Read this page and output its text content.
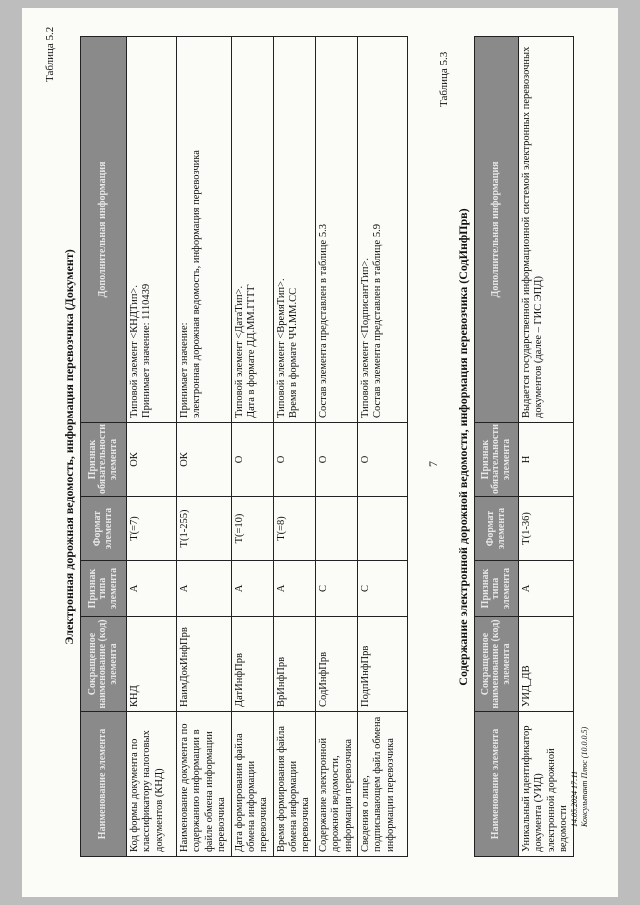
7
Таблица 5.2
Электронная дорожная ведомость, информация перевозчика (Документ)
Наименование элемента	Сокращенное наименование (код) элемента	Признак типа элемента	Формат элемента	Признак обязательности элемента	Дополнительная информация
Код формы документа по классификатору налоговых документов (КНД)	КНД	А	Т(=7)	ОК	Типовой элемент <КНДТип>. Принимает значение: 1110439

Наименование документа по содержанию информации в файле обмена информации перевозчика	НаимДокИнфПрв	А	Т(1-255)	ОК	Принимает значение: электронная дорожная ведомость, информация перевозчика

Дата формирования файла обмена информации перевозчика	ДатИнфПрв	А	Т(=10)	О	Типовой элемент <ДатаТип>. Дата в формате ДД.ММ.ГГГГ

Время формирования файла обмена информации перевозчика	ВрИнфПрв	А	Т(=8)	О	Типовой элемент <ВремяТип>. Время в формате ЧЧ.ММ.СС

Содержание электронной дорожной ведомости, информация перевозчика	СодИнфПрв	С		О	Состав элемента представлен в таблице 5.3

Сведения о лице, подписывающем файл обмена информации перевозчика	ПодпИнфПрв	С		О	Типовой элемент <ПодписантТип>. Состав элемента представлен в таблице 5.9
Таблица 5.3
Содержание электронной дорожной ведомости, информация перевозчика (СодИнфПрв)
Наименование элемента	Сокращенное наименование (код) элемента	Признак типа элемента	Формат элемента	Признак обязательности элемента	Дополнительная информация
Уникальный идентификатор документа (УИД) электронной дорожной ведомости	УИД_ДВ	А	Т(1-36)	Н	Выдается государственной информационной системой электронных перевозочных документов (далее – ГИС ЭПД)
14.05.2024 17:11 Консультант Плюс (10.0.0.5)
